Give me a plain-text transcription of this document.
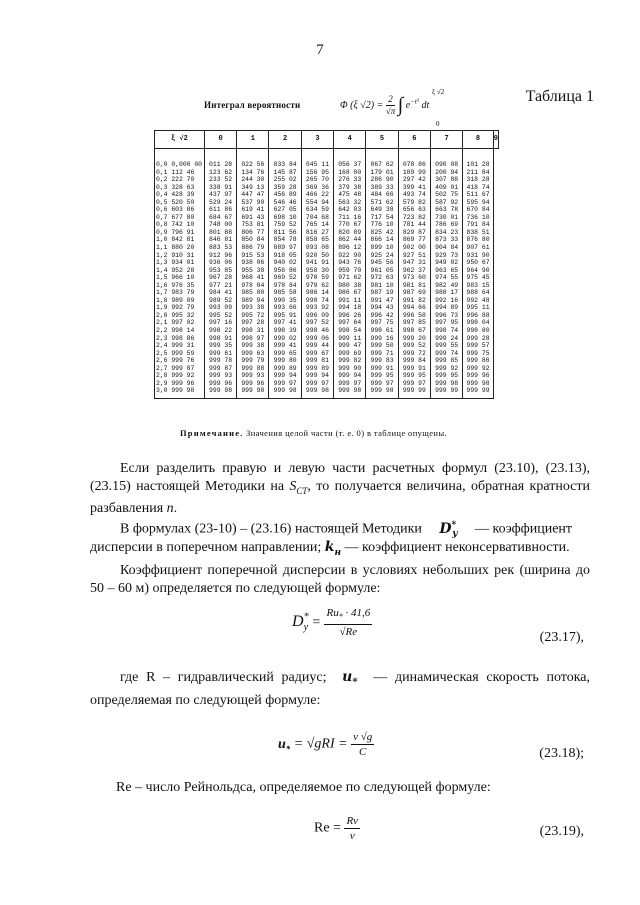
7
Таблица 1
Интеграл вероятности	Φ (ξ $√2) = \frac{2}{√\pi}$ ∫ $e^{-t^2}$ dt
ξ √2
0
ξ √2	0	1	2	3	4	5	6	7	8	9
0,0 0,000 00	011 28	022 56	033 84	045 11	056 37	067 62	078 86	090 08	101 28	
0,1 112 46	123 62	134 76	145 87	156 95	168 00	179 01	189 99	200 94	211 84	
0,2 222 70	233 52	244 30	255 02	265 70	276 33	286 90	297 42	307 88	318 28	
0,3 328 63	338 91	349 13	359 28	369 36	379 38	389 33	399 41	409 01	418 74	
0,4 428 39	437 97	447 47	456 89	466 22	475 48	484 66	493 74	502 75	511 67	
0,5 520 50	529 24	537 90	546 46	554 94	563 32	571 62	579 82	587 92	595 94	
0,6 603 86	611 86	619 41	627 05	634 59	642 03	649 38	656 63	663 78	670 84	
0,7 677 80	684 67	691 43	698 10	704 68	711 16	717 54	723 82	730 01	736 10	
0,8 742 10	748 00	753 81	759 52	765 14	770 67	776 10	781 44	786 69	791 84	
0,9 796 91	801 88	806 77	811 56	816 27	820 89	825 42	829 87	834 23	838 51	
1,0 842 81	846 81	850 84	854 78	858 65	862 44	866 14	869 77	873 33	876 80	
1,1 880 20	883 53	886 79	889 97	893 08	896 12	899 10	902 00	904 84	907 61	
1,2 910 31	912 96	915 53	918 05	920 50	922 90	925 24	927 51	929 73	931 90	
1,3 934 01	936 06	938 06	940 02	941 91	943 76	945 56	947 31	949 02	950 67	
1,4 952 28	953 85	955 38	956 86	958 30	959 70	961 05	962 37	963 65	964 90	
1,5 966 10	967 28	968 41	969 52	970 59	971 62	972 63	973 60	974 55	975 45	
1,6 976 35	977 21	978 04	978 84	979 62	980 38	981 10	981 81	982 49	983 15	
1,7 983 79	984 41	985 00	985 58	986 14	986 67	987 19	987 69	988 17	988 64	
1,8 989 09	989 52	989 94	990 35	990 74	991 11	991 47	991 82	992 16	992 48	
1,9 992 79	993 09	993 38	993 66	993 92	994 18	994 43	994 66	994 89	995 11	
2,0 995 32	995 52	995 72	995 91	996 09	996 26	996 42	996 58	996 73	996 88	
2,1 997 02	997 16	997 28	997 41	997 52	997 64	997 75	997 85	997 95	998 04	
2,2 998 14	998 22	998 31	998 39	998 46	998 54	998 61	998 67	998 74	998 80	
2,3 998 86	998 91	998 97	999 02	999 06	999 11	999 16	999 20	999 24	999 28	
2,4 999 31	999 35	999 38	999 41	999 44	999 47	999 50	999 52	999 55	999 57	
2,5 999 59	999 61	999 63	999 65	999 67	999 69	999 71	999 72	999 74	999 75	
2,6 999 76	999 78	999 79	999 80	999 81	999 82	999 83	999 84	999 85	999 86	
2,7 999 87	999 87	999 88	999 89	999 89	999 90	999 91	999 91	999 92	999 92	
2,8 999 92	999 93	999 93	999 94	999 94	999 94	999 95	999 95	999 95	999 96	
2,9 999 96	999 96	999 96	999 97	999 97	999 97	999 97	999 97	999 98	999 98	
3,0 999 98	999 98	999 98	999 98	999 98	999 98	999 98	999 99	999 99	999 99	
Примечание. Значения целой части (т. е. 0) в таблице опущены.
Если разделить правую и левую части расчетных формул (23.10), (23.13), (23.15) настоящей Методики на $S_{СТ}$, то получается величина, обратная кратности разбавления n.
В формулах (23-10) – (23.16) настоящей Методики $D^*_y$ — коэффициент
дисперсии в поперечном направлении; $k_н$ — коэффициент неконсервативности.
Коэффициент поперечной дисперсии в условиях небольших рек (ширина до 50 – 60 м) определяется по следующей формуле:
$D^*_y = \frac{Ru_* \cdot 41,6}{√Re}$	(23.17),
где R – гидравлический радиус; $u_*$ — динамическая скорость потока, определяемая по следующей формуле:
$u_* = √gRI = \frac{v √g}{C}$	(23.18);
Re – число Рейнольдса, определяемое по следующей формуле:
$Re = \frac{Rv}{\nu}$	(23.19),
